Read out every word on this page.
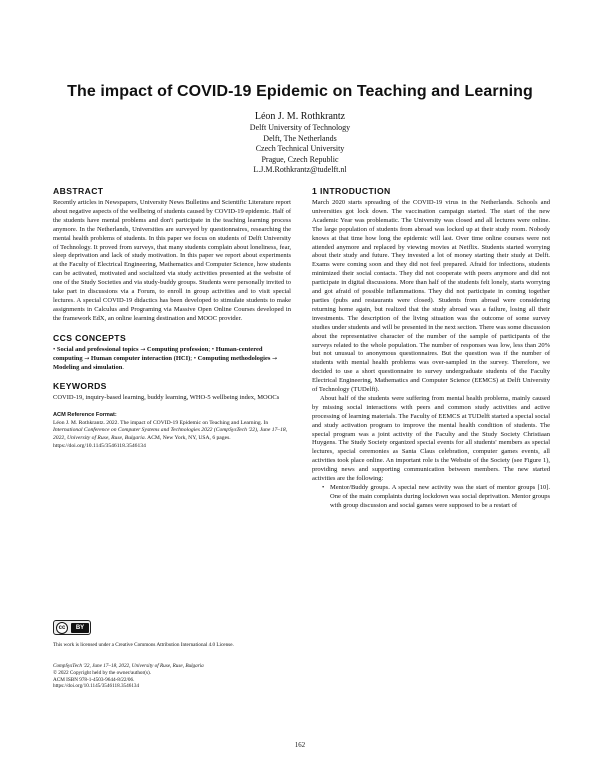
The impact of COVID-19 Epidemic on Teaching and Learning
Léon J. M. Rothkrantz
Delft University of Technology
Delft, The Netherlands
Czech Technical University
Prague, Czech Republic
L.J.M.Rothkrantz@tudelft.nl
ABSTRACT
Recently articles in Newspapers, University News Bulletins and Scientific Literature report about negative aspects of the wellbeing of students caused by COVID-19 epidemic. Half of the students have mental problems and don't participate in the teaching learning process anymore. In the Netherlands, Universities are surveyed by questionnaires, researching the mental health problems of students. In this paper we focus on students of Delft University of Technology. It proved from surveys, that many students complain about loneliness, fear, sleep deprivation and lack of study motivation. In this paper we report about experiments at the Faculty of Electrical Engineering, Mathematics and Computer Science, how students can be activated, motivated and socialized via study activities presented at the website of one of the Study Societies and via study-buddy groups. Students were personally invited to take part in discussions via a Forum, to enroll in group activities and to visit special lectures. A special COVID-19 didactics has been developed to stimulate students to make assignments in Calculus and Programing via Massive Open Online Courses developed in the framework EdX, an online learning destination and MOOC provider.
CCS CONCEPTS
• Social and professional topics → Computing profession; • Human-centered computing → Human computer interaction (HCI); • Computing methodologies → Modeling and simulation.
KEYWORDS
COVID-19, inquiry-based learning, buddy learning, WHO-5 wellbeing index, MOOCs
ACM Reference Format:
Léon J. M. Rothkrantz. 2022. The impact of COVID-19 Epidemic on Teaching and Learning. In International Conference on Computer Systems and Technologies 2022 (CompSysTech '22), June 17–18, 2022, University of Ruse, Ruse, Bulgaria. ACM, New York, NY, USA, 6 pages. https://doi.org/10.1145/3546118.3546134
cc	BY
This work is licensed under a Creative Commons Attribution International 4.0 License.
CompSysTech '22, June 17–18, 2022, University of Ruse, Ruse, Bulgaria
© 2022 Copyright held by the owner/author(s).
ACM ISBN 978-1-4503-9644-8/22/06.
https://doi.org/10.1145/3546118.3546134
1 INTRODUCTION
March 2020 starts spreading of the COVID-19 virus in the Netherlands. Schools and universities got lock down. The vaccination campaign started. The start of the new Academic Year was problematic. The University was closed and all lectures were online. The large population of students from abroad was locked up at their study room. Nobody knows at that time how long the epidemic will last. Over time online courses were not attended anymore and replaced by viewing movies at Netflix. Students started worrying about their study and future. They invested a lot of money starting their study at Delft. Exams were coming soon and they did not feel prepared. Afraid for infections, students minimized their social contacts. They did not cooperate with peers anymore and did not participate in digital discussions. More than half of the students felt lonely, starts worrying and got afraid of possible inflammations. They did not participate in coming together parties (pubs and restaurants were closed). Students from abroad were considering returning home again, but realized that the study abroad was a failure, losing all their investments. The description of the living situation was the outcome of some survey studies under students and will be presented in the next section. There was some discussion about the representative character of the number of the sample of participants of the surveys related to the whole population. The number of responses was low, less than 20% but not unusual to anonymous questionnaires. But the question was if the number of students with mental health problems was over-sampled in the survey. Therefore, we decided to use a short questionnaire to survey undergraduate students of the Faculty Electrical Engineering, Mathematics and Computer Science (EEMCS) at Delft University of Technology (TUDelft).
About half of the students were suffering from mental health problems, mainly caused by missing social interactions with peers and common study activities and active processing of learning materials. The Faculty of EEMCS at TUDelft started a special social and study activation program to improve the mental health condition of students. The special program was a joint activity of the Faculty and the Study Society Christiaan Huygens. The Study Society organized special events for all students' members as special lectures, special ceremonies as Santa Claus celebration, computer games events, all activities took place online. An important role is the Website of the Society (see Figure 1), providing news and supporting communication between members. The new started activities are the following:
• Mentor/Buddy groups. A special new activity was the start of mentor groups [10]. One of the main complaints during lockdown was social deprivation. Mentor groups with group discussion and social games were supposed to be a restart of
162
